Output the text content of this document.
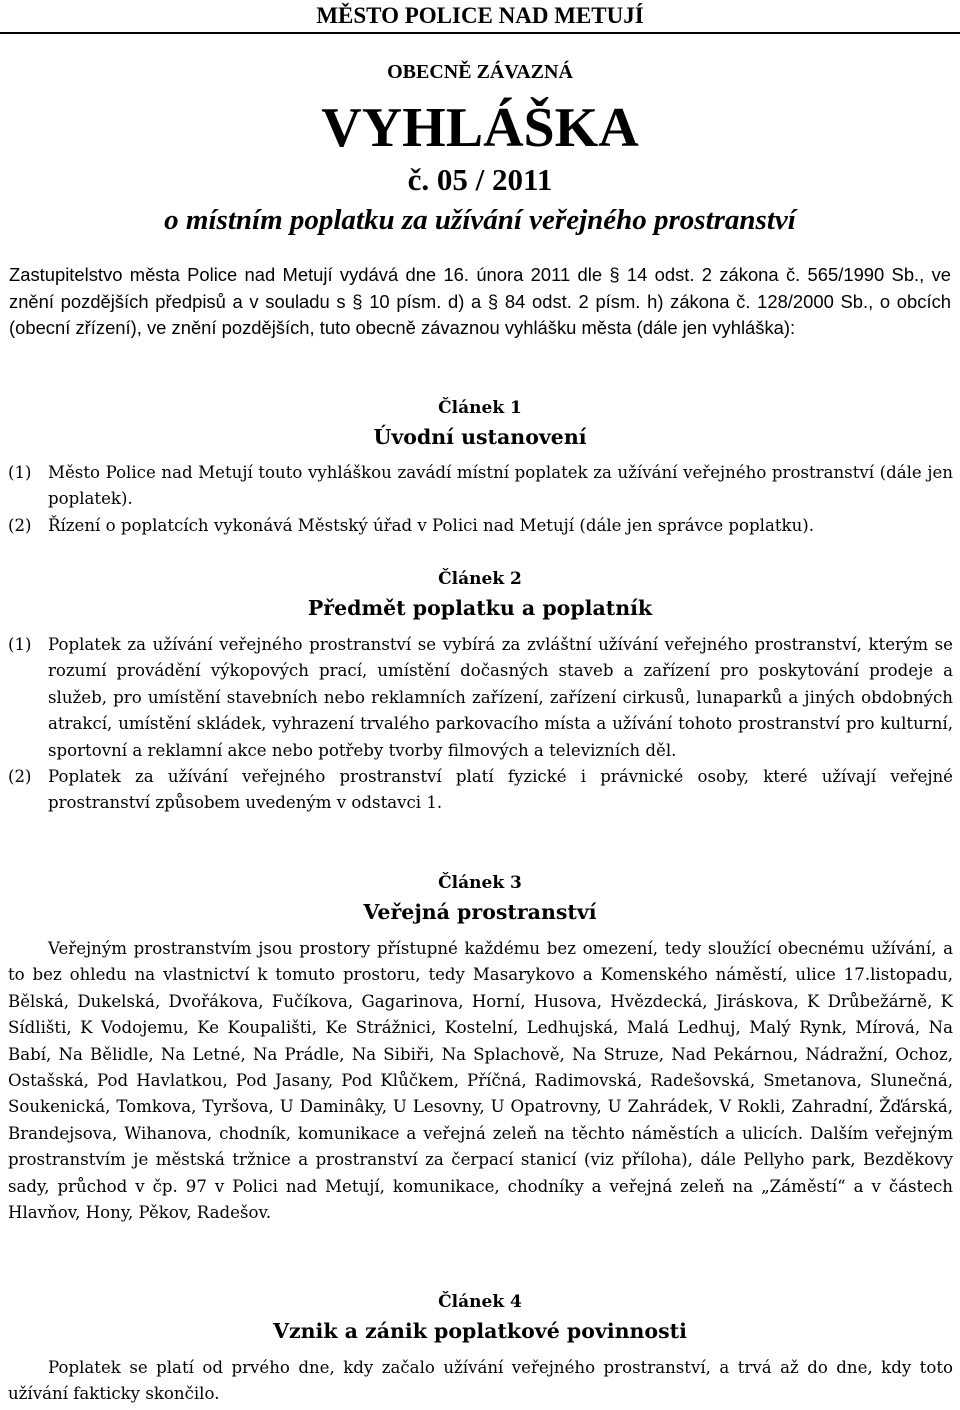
MĚSTO POLICE NAD METUJÍ
OBECNĚ ZÁVAZNÁ
VYHLÁŠKA
č. 05 / 2011
o místním poplatku za užívání veřejného prostranství
Zastupitelstvo města Police nad Metují vydává dne 16. února 2011 dle § 14 odst. 2 zákona č. 565/1990 Sb., ve znění pozdějších předpisů a v souladu s § 10 písm. d) a § 84 odst. 2 písm. h) zákona č. 128/2000 Sb., o obcích (obecní zřízení), ve znění pozdějších, tuto obecně závaznou vyhlášku města (dále jen vyhláška):
Článek 1
Úvodní ustanovení
(1) Město Police nad Metují touto vyhláškou zavádí místní poplatek za užívání veřejného prostranství (dále jen poplatek).
(2) Řízení o poplatcích vykonává Městský úřad v Polici nad Metují (dále jen správce poplatku).
Článek 2
Předmět poplatku a poplatník
(1) Poplatek za užívání veřejného prostranství se vybírá za zvláštní užívání veřejného prostranství, kterým se rozumí provádění výkopových prací, umístění dočasných staveb a zařízení pro poskytování prodeje a služeb, pro umístění stavebních nebo reklamních zařízení, zařízení cirkusů, lunaparků a jiných obdobných atrakcí, umístění skládek, vyhrazení trvalého parkovacího místa a užívání tohoto prostranství pro kulturní, sportovní a reklamní akce nebo potřeby tvorby filmových a televizních děl.
(2) Poplatek za užívání veřejného prostranství platí fyzické i právnické osoby, které užívají veřejné prostranství způsobem uvedeným v odstavci 1.
Článek 3
Veřejná prostranství
Veřejným prostranstvím jsou prostory přístupné každému bez omezení, tedy sloužící obecnému užívání, a to bez ohledu na vlastnictví k tomuto prostoru, tedy Masarykovo a Komenského náměstí, ulice 17.listopadu, Bělská, Dukelská, Dvořákova, Fučíkova, Gagarinova, Horní, Husova, Hvězdecká, Jiráskova, K Drůbežárně, K Sídlišti, K Vodojemu, Ke Koupališti, Ke Strážnici, Kostelní, Ledhujská, Malá Ledhuj, Malý Rynk, Mírová, Na Babí, Na Bělidle, Na Letné, Na Prádle, Na Sibiři, Na Splachově, Na Struze, Nad Pekárnou, Nádražní, Ochoz, Ostašská, Pod Havlatkou, Pod Jasany, Pod Klůčkem, Příčná, Radimovská, Radešovská, Smetanova, Slunečná, Soukenická, Tomkova, Tyršova, U Daminâky, U Lesovny, U Opatrovny, U Zahrádek, V Rokli, Zahradní, Žďárská, Brandejsova, Wihanova, chodník, komunikace a veřejná zeleň na těchto náměstích a ulicích. Dalším veřejným prostranstvím je městská tržnice a prostranství za čerpací stanicí (viz příloha), dále Pellyho park, Bezděkovy sady, průchod v čp. 97 v Polici nad Metují, komunikace, chodníky a veřejná zeleň na „Záměstí“ a v částech Hlavňov, Hony, Pěkov, Radešov.
Článek 4
Vznik a zánik poplatkové povinnosti
Poplatek se platí od prvého dne, kdy začalo užívání veřejného prostranství, a trvá až do dne, kdy toto užívání fakticky skončilo.
